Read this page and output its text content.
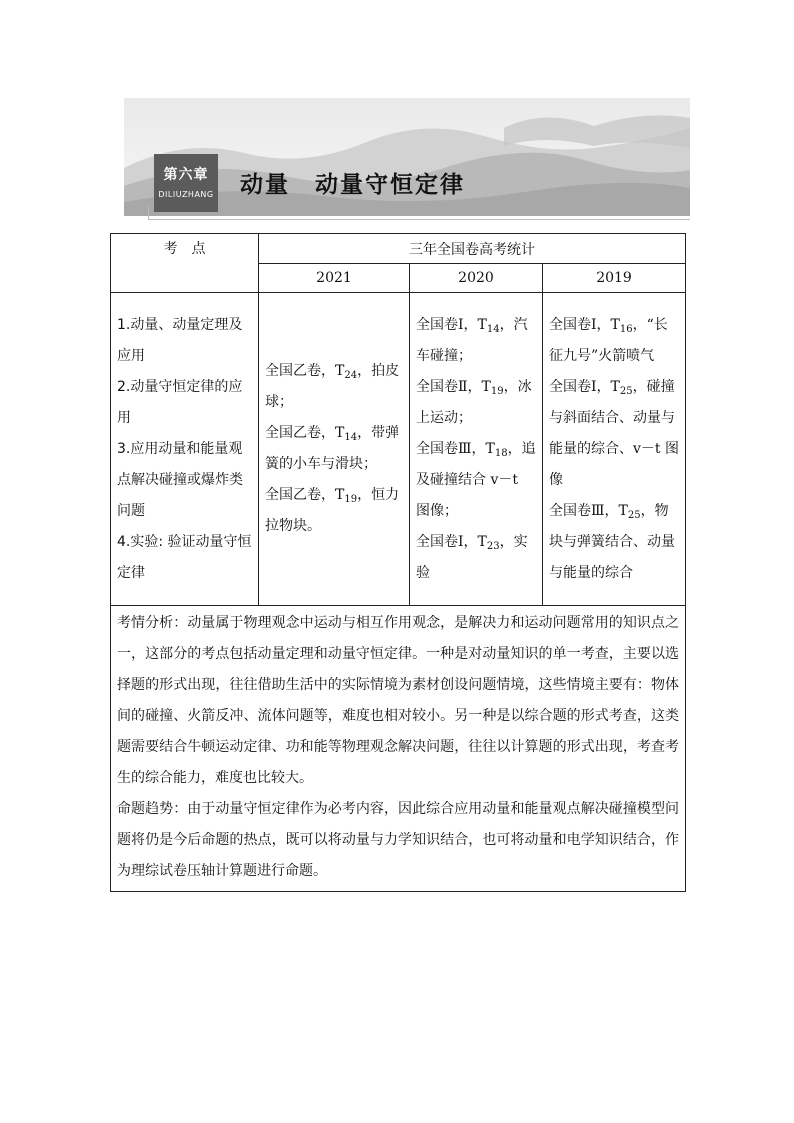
第六章
DILIUZHANG 动量　动量守恒定律
考　点	三年全国卷高考统计		
	2021	2020	2019

1.动量、动量定理及应用
2.动量守恒定律的应用
3.应用动量和能量观点解决碰撞或爆炸类问题
4.实验: 验证动量守恒定律	全国乙卷，$T_{24}$，拍皮球；
全国乙卷，$T_{14}$，带弹簧的小车与滑块；
全国乙卷，$T_{19}$，恒力拉物块。	全国卷Ⅰ，$T_{14}$，汽车碰撞；
全国卷Ⅱ，$T_{19}$，冰上运动；
全国卷Ⅲ，$T_{18}$，追及碰撞结合 v－t 图像；
全国卷Ⅰ，$T_{23}$，实验	全国卷Ⅰ，$T_{16}$，“长征九号”火箭喷气
全国卷Ⅰ，$T_{25}$，碰撞与斜面结合、动量与能量的综合、v－t 图像
全国卷Ⅲ，$T_{25}$，物块与弹簧结合、动量与能量的综合

考情分析：动量属于物理观念中运动与相互作用观念，是解决力和运动问题常用的知识点之一，这部分的考点包括动量定理和动量守恒定律。一种是对动量知识的单一考查，主要以选择题的形式出现，往往借助生活中的实际情境为素材创设问题情境，这些情境主要有：物体间的碰撞、火箭反冲、流体问题等，难度也相对较小。另一种是以综合题的形式考查，这类题需要结合牛顿运动定律、功和能等物理观念解决问题，往往以计算题的形式出现，考查考生的综合能力，难度也比较大。

命题趋势：由于动量守恒定律作为必考内容，因此综合应用动量和能量观点解决碰撞模型问题将仍是今后命题的热点，既可以将动量与力学知识结合，也可将动量和电学知识结合，作为理综试卷压轴计算题进行命题。			
